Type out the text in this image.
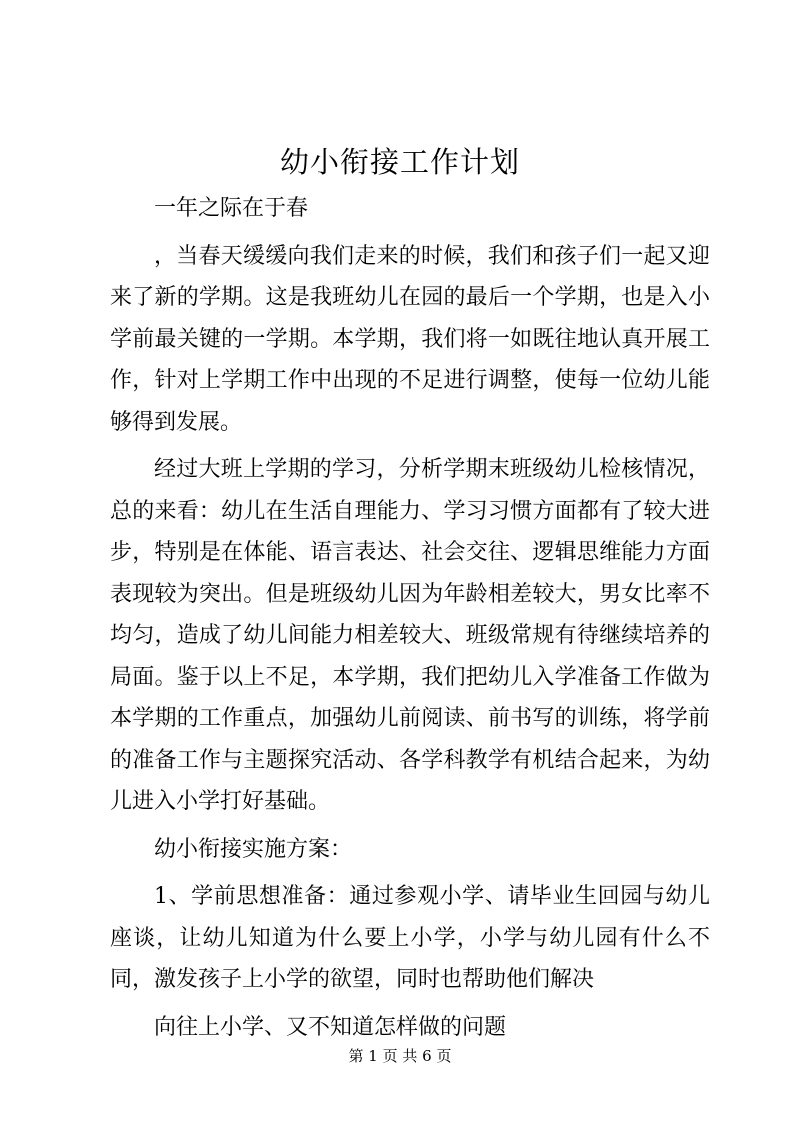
幼小衔接工作计划

一年之际在于春

，当春天缓缓向我们走来的时候，我们和孩子们一起又迎来了新的学期。这是我班幼儿在园的最后一个学期，也是入小学前最关键的一学期。本学期，我们将一如既往地认真开展工作，针对上学期工作中出现的不足进行调整，使每一位幼儿能够得到发展。

经过大班上学期的学习，分析学期末班级幼儿检核情况，总的来看：幼儿在生活自理能力、学习习惯方面都有了较大进步，特别是在体能、语言表达、社会交往、逻辑思维能力方面表现较为突出。但是班级幼儿因为年龄相差较大，男女比率不均匀，造成了幼儿间能力相差较大、班级常规有待继续培养的局面。鉴于以上不足，本学期，我们把幼儿入学准备工作做为本学期的工作重点，加强幼儿前阅读、前书写的训练，将学前的准备工作与主题探究活动、各学科教学有机结合起来，为幼儿进入小学打好基础。

幼小衔接实施方案：

1、学前思想准备：通过参观小学、请毕业生回园与幼儿座谈，让幼儿知道为什么要上小学，小学与幼儿园有什么不同，激发孩子上小学的欲望，同时也帮助他们解决

向往上小学、又不知道怎样做的问题

第 1 页 共 6 页
